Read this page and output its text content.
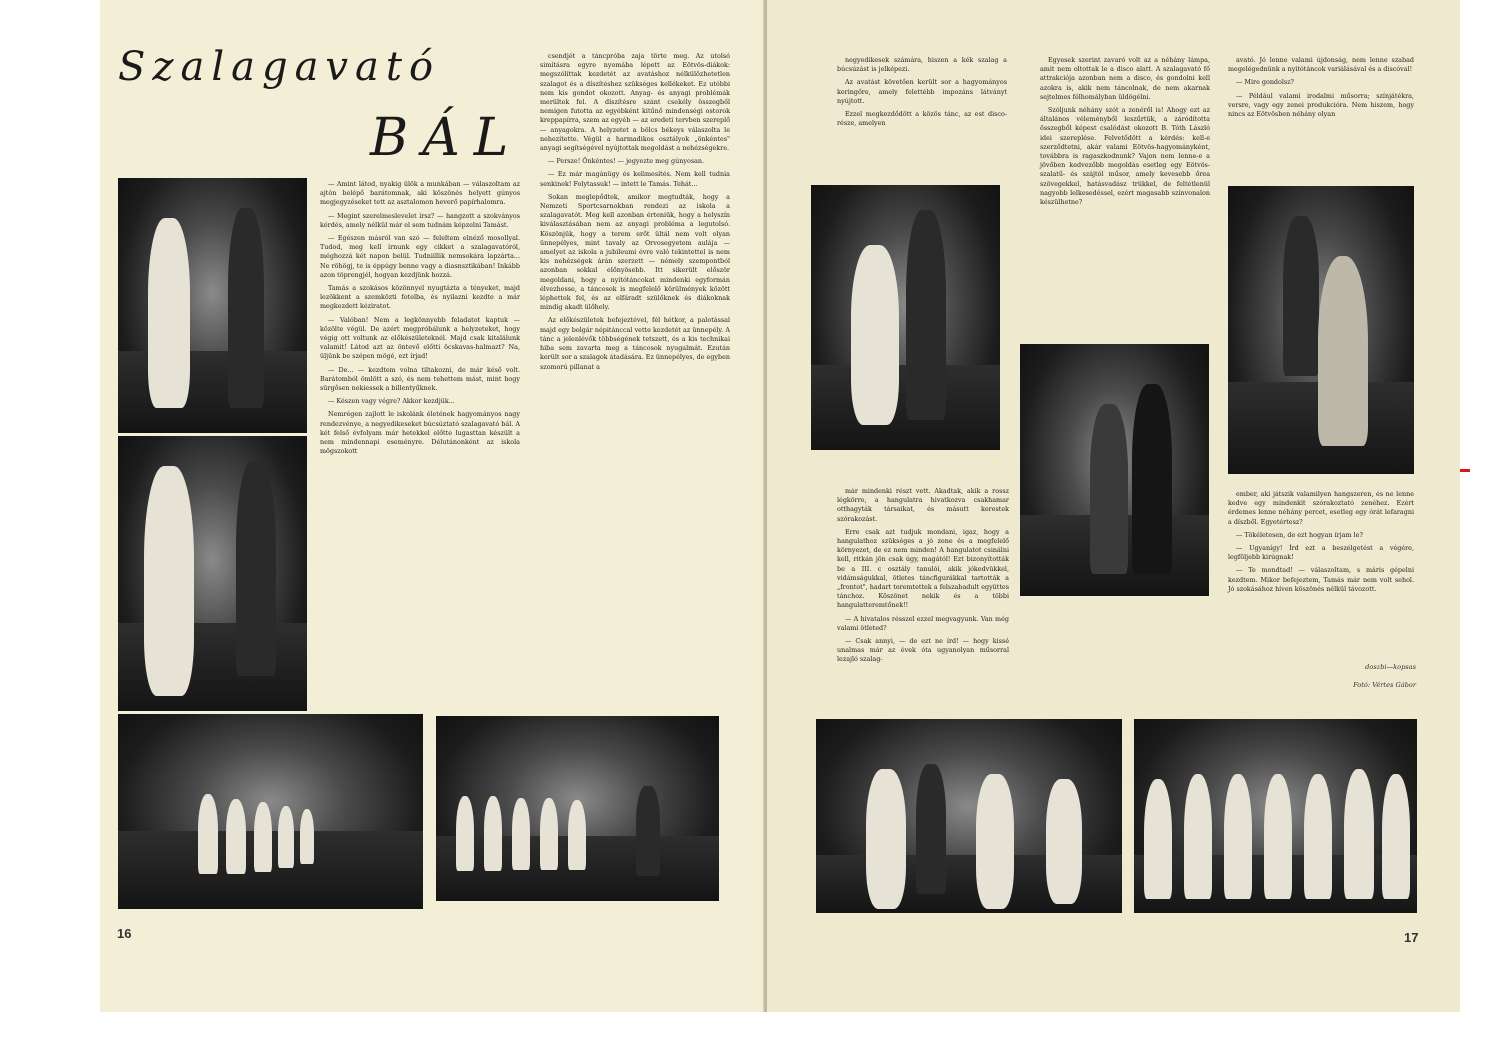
Szalagavató
BÁL

— Amint látod, nyakig ülök a munkában — válaszoltam az ajtón belépő barátomnak, aki köszönés helyett gúnyos megjegyzéseket tett az asztalomon heverő papírhalomra.

— Megint szerelmeslevelet írsz? — hangzott a szokványos kérdés, amely nélkül már el sem tudnám képzelni Tamást.

— Egészen másról van szó — feleltem elnéző mosollyal. Tudod, meg kell írnunk egy cikket a szalagavatóról, méghozzá két napon belül. Tudniillik nemsokára lapzárta... Ne röhögj, te is éppúgy benne vagy a diasnsztikában! Inkább azon töprengjél, hogyan kezdjünk hozzá.

Tamás a szokásos közönnyel nyugtázta a tényeket, majd lezökkent a szemközti fotelba, és nyilazni kezdte a már megkezdett kéziratot.

— Valóban! Nem a legkönnyebb feladatot kaptuk — közölte végül. De azért megpróbálunk a helyzeteket, hogy végig ott voltunk az előkészületeknél. Majd csak kitalálunk valamit! Látod azt az öntevő előtti öcskavas-halmazt? Na, üljünk be szépen mögé, ezt írjad!

— De... — kezdtem volna tiltakozni, de már késő volt. Barátomból ömlött a szó, és nem tehettem mást, mint hogy sürgősen nekiessek a billentyűknek.

— Készen vagy végre? Akkor kezdjük...

Nemrégen zajlott le iskolánk életének hagyományos nagy rendezvénye, a negyedikeseket búcsúztató szalagavató bál. A két felső évfolyam már hetekkel előtte lugasttan készült a nem mindennapi eseményre. Délutánonként az iskola mögszokott

csendjét a táncpróba zaja törte meg. Az utolsó simításra egyre nyomába lépett az Eötvös-diákok: megszólíttak kezdetét az avatáshoz nélkülözhetetlen szalagot és a díszítéshez szükséges kellékeket. Ez utóbbi nem kis gondot okozott. Anyag- és anyagi problémák merültek fel. A díszítésre szánt csekély összegből nemigen futotta az egyébként kitűnő mindenségi ostorok kreppapírra, szem az egyéb — az eredeti tervben szereplő — anyagokra. A helyzetet a bölcs békeys válaszolta le nehezítette. Végül a harmadikos osztályok „önkéntes" anyagi segítségével nyújtottak megoldást a nehézségekre.

— Persze! Önkéntes! — jegyezte meg gúnyosan.

— Ez már magánügy és kelimesítés. Nem kell tudnia senkinek! Folytassuk! — intett le Tamás. Tehát...

Sokan meglepődtek, amikor megtudták, hogy a Nemzeti Sportcsarnokban rendezi az iskola a szalagavatót. Meg kell azonban érteniük, hogy a helyszín kiválasztásában nem az anyagi probléma a legutolsó. Köszönjük, hogy a terem erőt ültál nem volt olyan ünnepélyes, mint tavaly az Orvosegyetem aulája — amelyet az iskola a jubileumi évre való tekintettel is nem kis nehézségek árán szerzett — némely szempontból azonban sokkal előnyösebb. Itt sikerült először megoldani, hogy a nyitótáncokat mindenki egyformán élvezhesse, a táncosok is megfelelő körülmények között léphettek fel, és az elfáradt szülőknek és diákoknak mindig akadt ülőhely.

Az előkészületek befejeztével, fél hétkor, a palotással majd egy bolgár népitánccal vette kezdetét az ünnepély. A tánc a jelenlévők többségének tetszett, és a kis technikai hiba sem zavarta meg a táncosok nyugalmát. Ezután került sor a szalagok átadására. Ez ünnepélyes, de egyben szomorú pillanat a

16

negyedikesek számára, hiszen a kék szalag a búcsúzást is jelképezi.

Az avatást követően került sor a hagyományos keringőre, amely felettébb impozáns látványt nyújtott.

Ezzel megkezdődött a közös tánc, az est disco-része, amelyen

már mindenki részt vett. Akadtak, akik a rossz légkörre, a hangulatra hivatkozva csakhamar otthagyták társaikat, és másutt kerestek szórakozást.

Erre csak azt tudjuk mondani, igaz, hogy a hangulathoz szükséges a jó zene és a megfelelő környezet, de ez nem minden! A hangulatot csinálni kell, ritkán jön csak úgy, magától! Ezt bizonyították be a III. c osztály tanulói, akik jókedvükkel, vidámságukkal, ötletes táncfigurákkal tartották a „frontot", hadart teremtettek a felszabadult együttes tánchoz. Köszönet nekik és a többi hangulatteremtőnek!!

— A hivatalos résszel ezzel megvagyunk. Van még valami ötleted?

— Csak annyi, — de ezt ne írd! — hogy kissé unalmas már az évek óta ugyanolyan műsorral lezajló szalag-

Egyesek szerint zavaró volt az a néhány lámpa, amit nem oltottak le a disco alatt. A szalagavató fő attrakciója azonban nem a disco, és gondolni kell azokra is, akik nem táncolnak, de nem akarnak sejtelmes félhomályban üldögélni.

Szóljunk néhány szót a zenéről is! Ahogy ezt az általános véleményből leszűrtük, a záródította összegből képest csalódást okozott B. Tóth László idei szereplése. Felvetődött a kérdés: kell-e szerződtetni, akár valami Eötvös-hagyományként, továbbra is ragaszkodnunk? Vajon nem lenne-e a jövőben kedvezőbb megoldás esetleg egy Eötvös-szalatű- és szájtól műsor, amely kevesebb őrea szövegekkel, hatásvadász trükkel, de feltétlenül nagyobb lelkesedéssel, ezért magasabb színvonalon készülhetne?

avató. Jó lenne valami újdonság, nem lenne szabad megelégednünk a nyitótáncok variálásával és a discóval!

— Mire gondolsz?

— Például valami irodalmi műsorra; színjátékra, versre, vagy egy zenei produkcióra. Nem hiszem, hogy nincs az Eötvösben néhány olyan

ember, aki játszik valamilyen hangszeren, és ne lenne kedve egy mindenkit szórakoztató zenéhez. Ezért érdemes lenne néhány percet, esetleg egy órát lefaragni a díszből. Egyetértesz?

— Tökéletesen, de ezt hogyan írjam le?

— Ugyanígy! Írd ezt a beszélgetést a végére, legföljebb kirúgnak!

— Te mondtad! — válaszoltam, s máris gépelni kezdtem. Mikor befejeztem, Tamás már nem volt sehol. Jó szokásához híven köszönés nélkül távozott.

doszbi—kopsas
Fotó: Vértes Gábor
17
